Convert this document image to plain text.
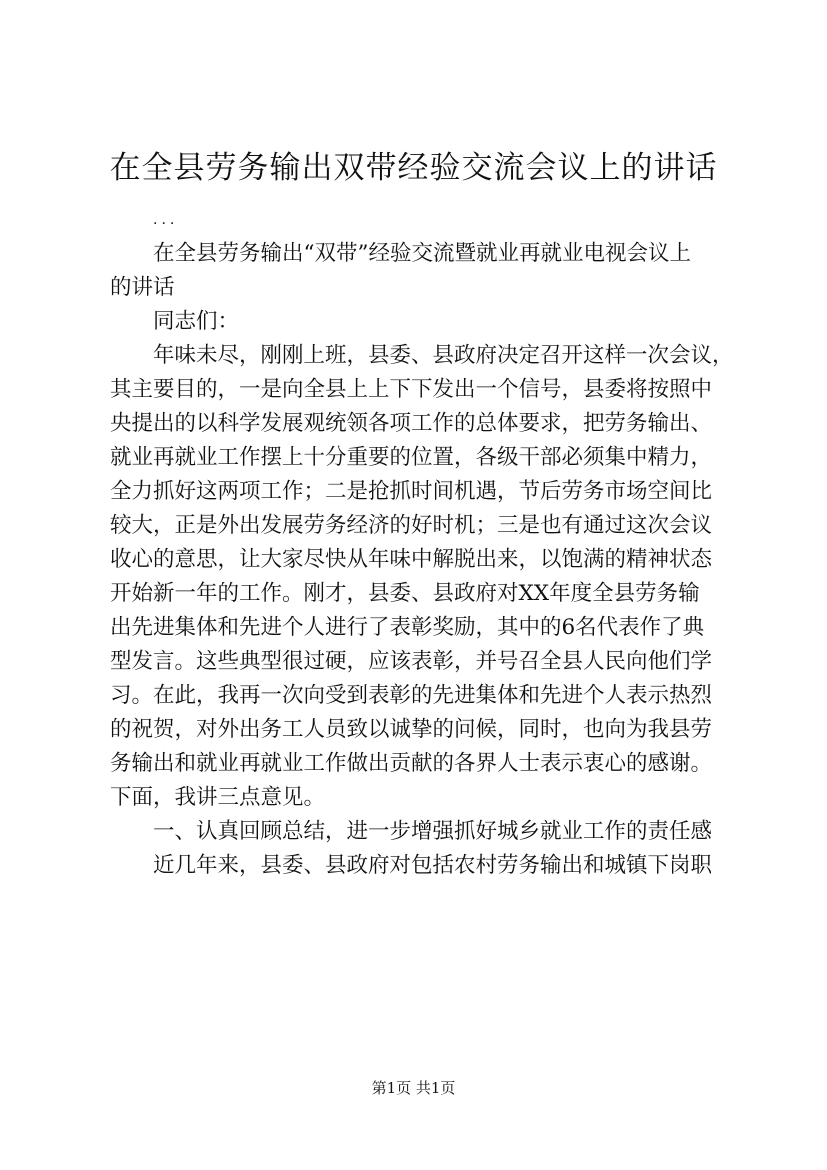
在全县劳务输出双带经验交流会议上的讲话
...
在全县劳务输出“双带”经验交流暨就业再就业电视会议上
的讲话
同志们：
年味未尽，刚刚上班，县委、县政府决定召开这样一次会议，
其主要目的，一是向全县上上下下发出一个信号，县委将按照中
央提出的以科学发展观统领各项工作的总体要求，把劳务输出、
就业再就业工作摆上十分重要的位置，各级干部必须集中精力，
全力抓好这两项工作；二是抢抓时间机遇，节后劳务市场空间比
较大，正是外出发展劳务经济的好时机；三是也有通过这次会议
收心的意思，让大家尽快从年味中解脱出来，以饱满的精神状态
开始新一年的工作。刚才，县委、县政府对XX年度全县劳务输
出先进集体和先进个人进行了表彰奖励，其中的6名代表作了典
型发言。这些典型很过硬，应该表彰，并号召全县人民向他们学
习。在此，我再一次向受到表彰的先进集体和先进个人表示热烈
的祝贺，对外出务工人员致以诚挚的问候，同时，也向为我县劳
务输出和就业再就业工作做出贡献的各界人士表示衷心的感谢。
下面，我讲三点意见。
一、认真回顾总结，进一步增强抓好城乡就业工作的责任感
近几年来，县委、县政府对包括农村劳务输出和城镇下岗职
第1页 共1页
